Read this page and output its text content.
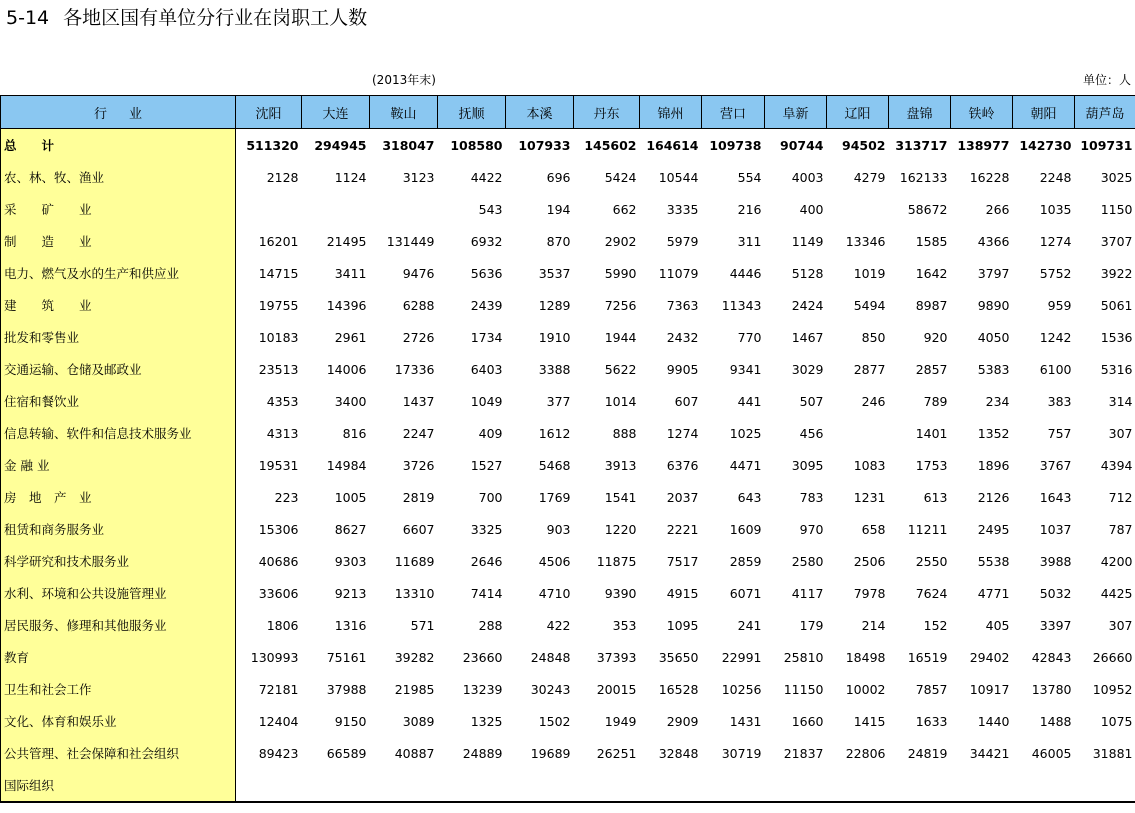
5-14 各地区国有单位分行业在岗职工人数
(2013年末)	单位：人
行业	沈阳	大连	鞍山	抚顺	本溪	丹东	锦州	营口	阜新	辽阳	盘锦	铁岭	朝阳	葫芦岛
总　　计	511320	294945	318047	108580	107933	145602	164614	109738	90744	94502	313717	138977	142730	109731
农、林、牧、渔业	2128	1124	3123	4422	696	5424	10544	554	4003	4279	162133	16228	2248	3025
采　　矿　　业				543	194	662	3335	216	400		58672	266	1035	1150
制　　造　　业	16201	21495	131449	6932	870	2902	5979	311	1149	13346	1585	4366	1274	3707
电力、燃气及水的生产和供应业	14715	3411	9476	5636	3537	5990	11079	4446	5128	1019	1642	3797	5752	3922
建　　筑　　业	19755	14396	6288	2439	1289	7256	7363	11343	2424	5494	8987	9890	959	5061
批发和零售业	10183	2961	2726	1734	1910	1944	2432	770	1467	850	920	4050	1242	1536
交通运输、仓储及邮政业	23513	14006	17336	6403	3388	5622	9905	9341	3029	2877	2857	5383	6100	5316
住宿和餐饮业	4353	3400	1437	1049	377	1014	607	441	507	246	789	234	383	314
信息转输、软件和信息技术服务业	4313	816	2247	409	1612	888	1274	1025	456		1401	1352	757	307
金 融 业	19531	14984	3726	1527	5468	3913	6376	4471	3095	1083	1753	1896	3767	4394
房　地　产　业	223	1005	2819	700	1769	1541	2037	643	783	1231	613	2126	1643	712
租赁和商务服务业	15306	8627	6607	3325	903	1220	2221	1609	970	658	11211	2495	1037	787
科学研究和技术服务业	40686	9303	11689	2646	4506	11875	7517	2859	2580	2506	2550	5538	3988	4200
水利、环境和公共设施管理业	33606	9213	13310	7414	4710	9390	4915	6071	4117	7978	7624	4771	5032	4425
居民服务、修理和其他服务业	1806	1316	571	288	422	353	1095	241	179	214	152	405	3397	307
教育	130993	75161	39282	23660	24848	37393	35650	22991	25810	18498	16519	29402	42843	26660
卫生和社会工作	72181	37988	21985	13239	30243	20015	16528	10256	11150	10002	7857	10917	13780	10952
文化、体育和娱乐业	12404	9150	3089	1325	1502	1949	2909	1431	1660	1415	1633	1440	1488	1075
公共管理、社会保障和社会组织	89423	66589	40887	24889	19689	26251	32848	30719	21837	22806	24819	34421	46005	31881
国际组织														
